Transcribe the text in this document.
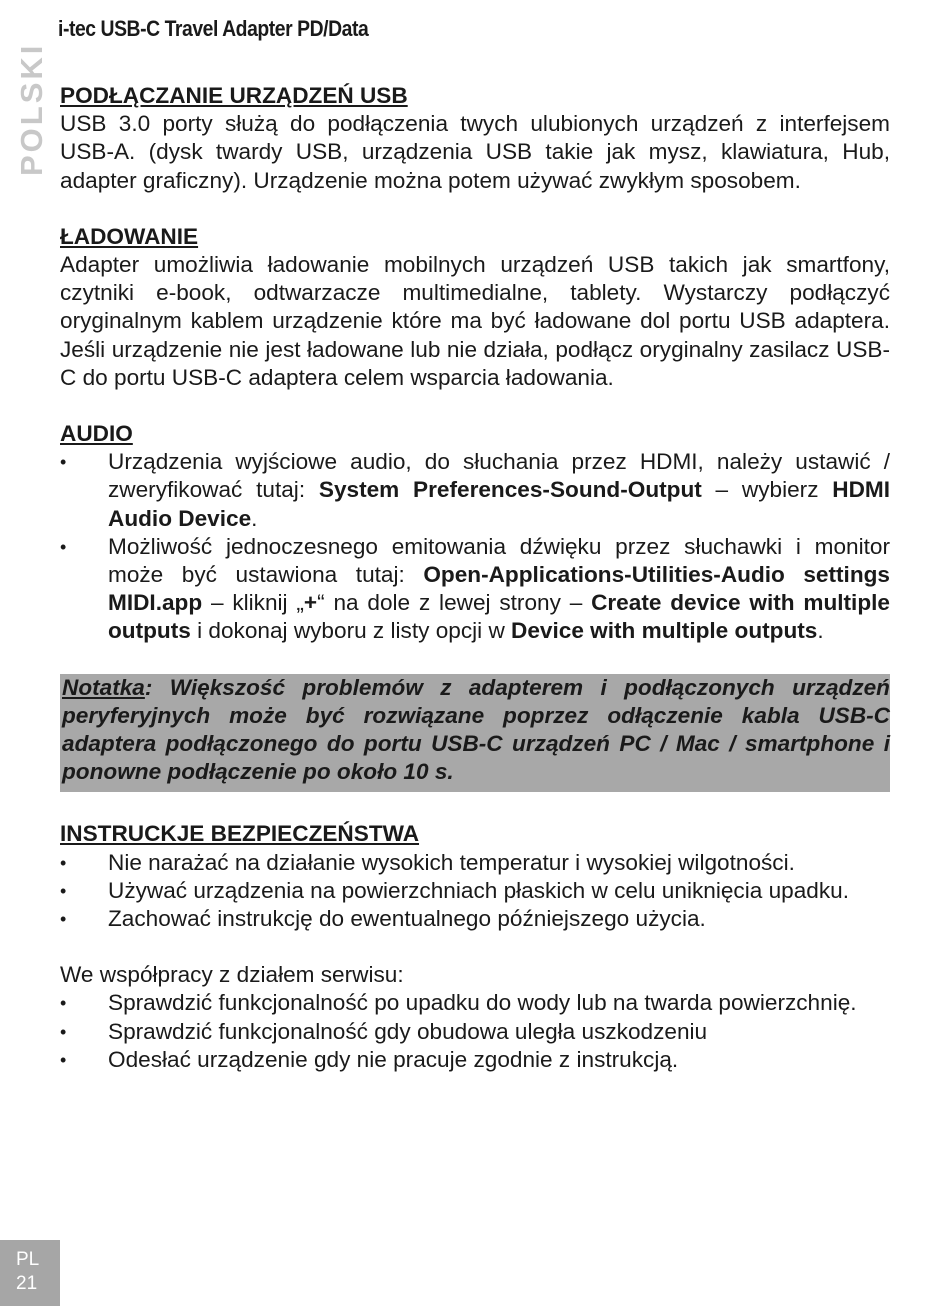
i-tec USB-C Travel Adapter PD/Data
POLSKI PODŁĄCZANIE URZĄDZEŃ USB

USB 3.0 porty służą do podłączenia twych ulubionych urządzeń z interfejsem USB-A. (dysk twardy USB, urządzenia USB takie jak mysz, klawiatura, Hub, adapter graficzny). Urządzenie można potem używać zwykłym sposobem.

ŁADOWANIE

Adapter umożliwia ładowanie mobilnych urządzeń USB takich jak smartfony, czytniki e-book, odtwarzacze multimedialne, tablety. Wystarczy podłączyć oryginalnym kablem urządzenie które ma być ładowane dol portu USB adaptera. Jeśli urządzenie nie jest ładowane lub nie działa, podłącz oryginalny zasilacz USB-C do portu USB-C adaptera celem wsparcia ładowania.

AUDIO

• Urządzenia wyjściowe audio, do słuchania przez HDMI, należy ustawić / zweryfikować tutaj: System Preferences-Sound-Output – wybierz HDMI Audio Device.
• Możliwość jednoczesnego emitowania dźwięku przez słuchawki i monitor może być ustawiona tutaj: Open-Applications-Utilities-Audio settings MIDI.app – kliknij „+“ na dole z lewej strony – Create device with multiple outputs i dokonaj wyboru z listy opcji w Device with multiple outputs.

Notatka: Większość problemów z adapterem i podłączonych urządzeń peryferyjnych może być rozwiązane poprzez odłączenie kabla USB-C adaptera podłączonego do portu USB-C urządzeń PC / Mac / smartphone i ponowne podłączenie po około 10 s.

INSTRUCKJE BEZPIECZEŃSTWA

• Nie narażać na działanie wysokich temperatur i wysokiej wilgotności.
• Używać urządzenia na powierzchniach płaskich w celu uniknięcia upadku.
• Zachować instrukcję do ewentualnego późniejszego użycia.

We współpracy z działem serwisu:

• Sprawdzić funkcjonalność po upadku do wody lub na twarda powierzchnię.
• Sprawdzić funkcjonalność gdy obudowa uległa uszkodzeniu
• Odesłać urządzenie gdy nie pracuje zgodnie z instrukcją.
PL
21
